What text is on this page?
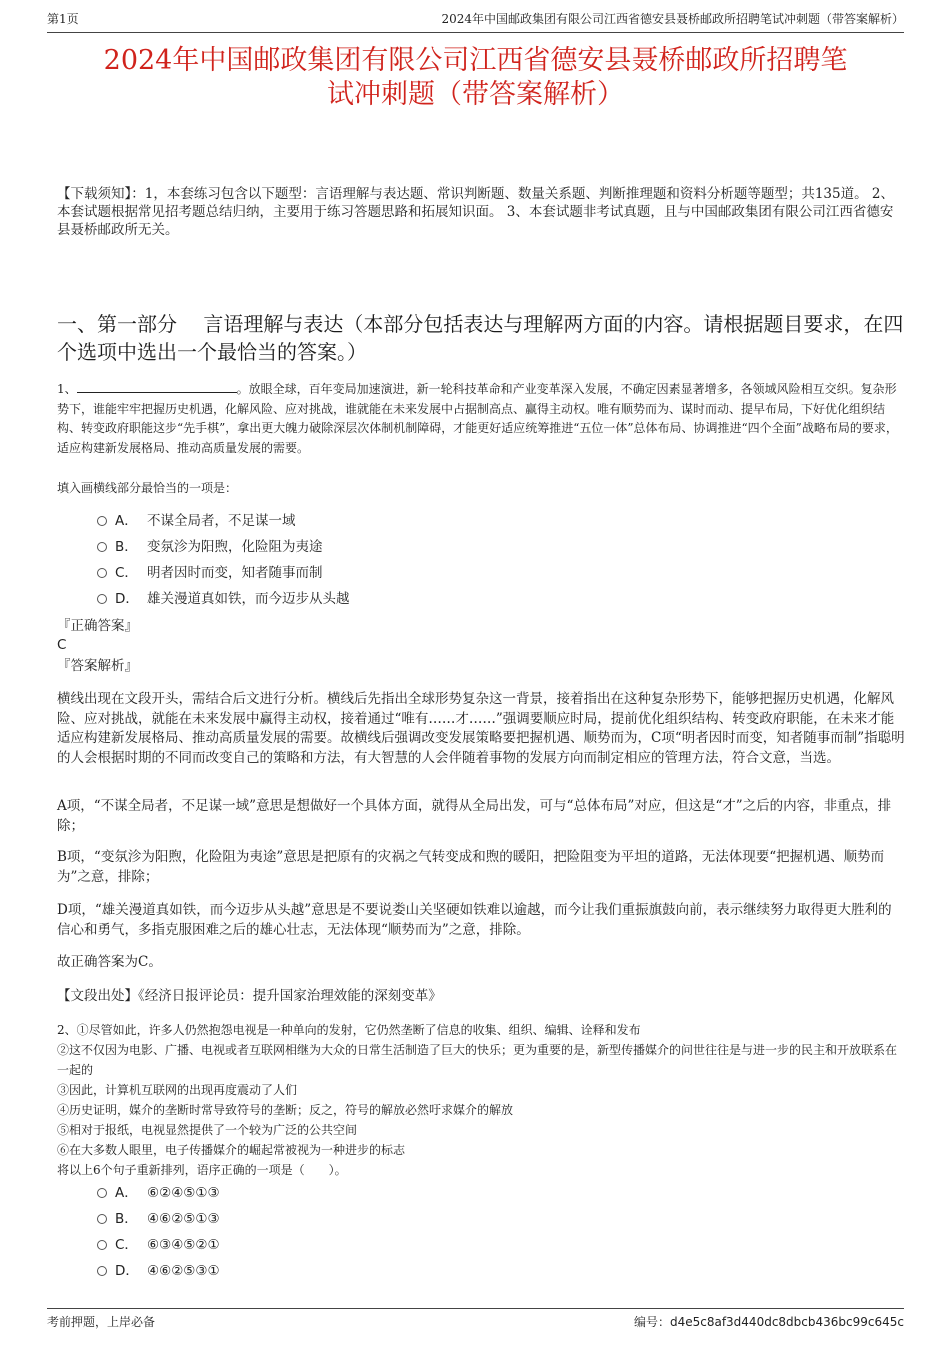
第1页	2024年中国邮政集团有限公司江西省德安县聂桥邮政所招聘笔试冲刺题（带答案解析）
2024年中国邮政集团有限公司江西省德安县聂桥邮政所招聘笔
试冲刺题（带答案解析）
【下载须知】：1，本套练习包含以下题型：言语理解与表达题、常识判断题、数量关系题、判断推理题和资料分析题等题型；共135道。 2、本套试题根据常见招考题总结归纳，主要用于练习答题思路和拓展知识面。 3、本套试题非考试真题，且与中国邮政集团有限公司江西省德安县聂桥邮政所无关。
一、第一部分　 言语理解与表达（本部分包括表达与理解两方面的内容。请根据题目要求，在四个选项中选出一个最恰当的答案。）
1、	。放眼全球，百年变局加速演进，新一轮科技革命和产业变革深入发展，不确定因素显著增多，各领域风险相互交织。复杂形势下，谁能牢牢把握历史机遇，化解风险、应对挑战，谁就能在未来发展中占据制高点、赢得主动权。唯有顺势而为、谋时而动、提早布局，下好优化组织结构、转变政府职能这步“先手棋”，拿出更大魄力破除深层次体制机制障碍，才能更好适应统筹推进“五位一体”总体布局、协调推进“四个全面”战略布局的要求，适应构建新发展格局、推动高质量发展的需要。
填入画横线部分最恰当的一项是：
A． 不谋全局者，不足谋一域
B． 变氛沴为阳煦，化险阻为夷途
C． 明者因时而变，知者随事而制
D． 雄关漫道真如铁，而今迈步从头越
『正确答案』
C
『答案解析』
横线出现在文段开头，需结合后文进行分析。横线后先指出全球形势复杂这一背景，接着指出在这种复杂形势下，能够把握历史机遇，化解风险、应对挑战，就能在未来发展中赢得主动权，接着通过“唯有……才……”强调要顺应时局，提前优化组织结构、转变政府职能，在未来才能适应构建新发展格局、推动高质量发展的需要。故横线后强调改变发展策略要把握机遇、顺势而为，C项“明者因时而变，知者随事而制”指聪明的人会根据时期的不同而改变自己的策略和方法，有大智慧的人会伴随着事物的发展方向而制定相应的管理方法，符合文意，当选。
A项，“不谋全局者，不足谋一域”意思是想做好一个具体方面，就得从全局出发，可与“总体布局”对应，但这是“才”之后的内容，非重点，排除；
B项，“变氛沴为阳煦，化险阻为夷途”意思是把原有的灾祸之气转变成和煦的暖阳，把险阻变为平坦的道路，无法体现要“把握机遇、顺势而为”之意，排除；
D项，“雄关漫道真如铁，而今迈步从头越”意思是不要说娄山关坚硬如铁难以逾越，而今让我们重振旗鼓向前，表示继续努力取得更大胜利的信心和勇气，多指克服困难之后的雄心壮志，无法体现“顺势而为”之意，排除。
故正确答案为C。
【文段出处】《经济日报评论员：提升国家治理效能的深刻变革》
2、①尽管如此，许多人仍然抱怨电视是一种单向的发射，它仍然垄断了信息的收集、组织、编辑、诠释和发布
②这不仅因为电影、广播、电视或者互联网相继为大众的日常生活制造了巨大的快乐；更为重要的是，新型传播媒介的问世往往是与进一步的民主和开放联系在一起的
③因此，计算机互联网的出现再度震动了人们
④历史证明，媒介的垄断时常导致符号的垄断；反之，符号的解放必然吁求媒介的解放
⑤相对于报纸，电视显然提供了一个较为广泛的公共空间
⑥在大多数人眼里，电子传播媒介的崛起常被视为一种进步的标志
将以上6个句子重新排列，语序正确的一项是（　　）。
A． ⑥②④⑤①③
B． ④⑥②⑤①③
C． ⑥③④⑤②①
D． ④⑥②⑤③①
考前押题，上岸必备	编号：d4e5c8af3d440dc8dbcb436bc99c645c
